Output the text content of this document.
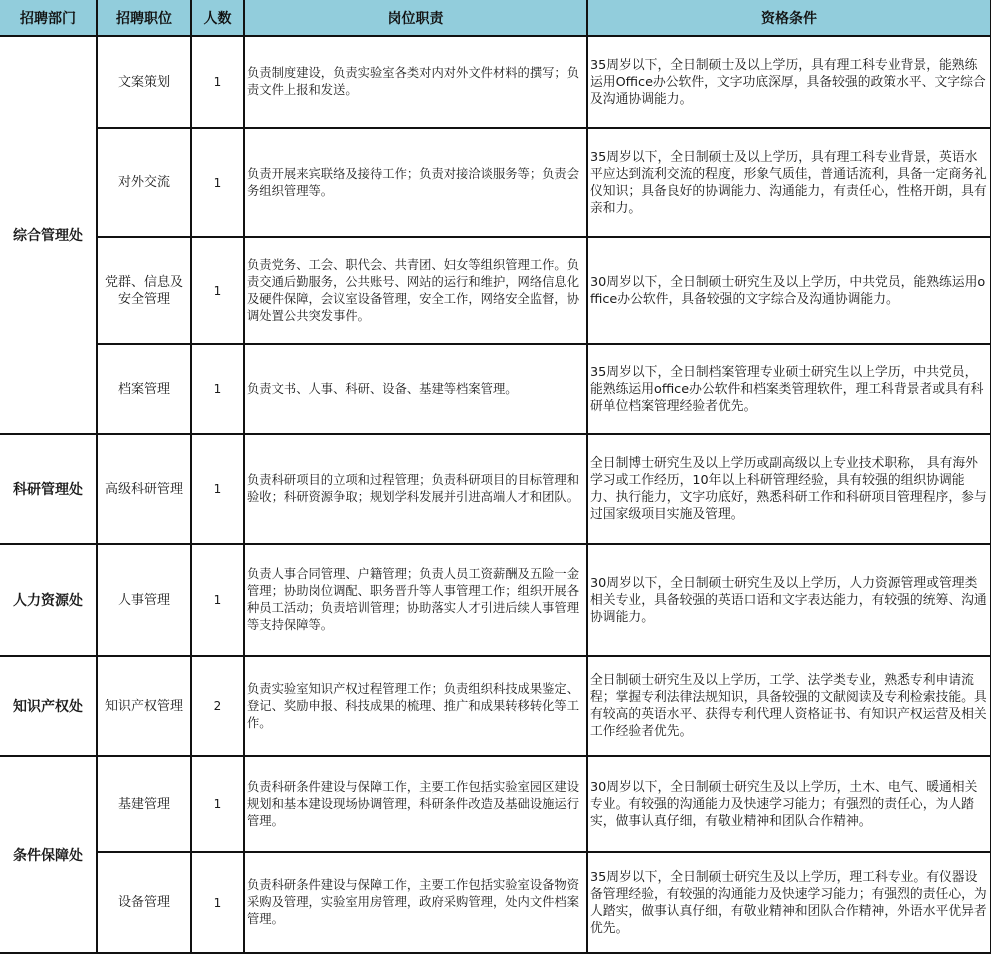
招聘部门	招聘职位	人数	岗位职责	资格条件
综合管理处	文案策划	1	负责制度建设，负责实验室各类对内对外文件材料的撰写；负责文件上报和发送。	35周岁以下，全日制硕士及以上学历，具有理工科专业背景，能熟练运用Office办公软件，文字功底深厚，具备较强的政策水平、文字综合及沟通协调能力。
	对外交流	1	负责开展来宾联络及接待工作；负责对接洽谈服务等；负责会务组织管理等。	35周岁以下，全日制硕士及以上学历，具有理工科专业背景，英语水平应达到流利交流的程度，形象气质佳，普通话流利，具备一定商务礼仪知识；具备良好的协调能力、沟通能力，有责任心，性格开朗，具有亲和力。
	党群、信息及安全管理	1	负责党务、工会、职代会、共青团、妇女等组织管理工作。负责交通后勤服务，公共账号、网站的运行和维护，网络信息化及硬件保障，会议室设备管理，安全工作，网络安全监督，协调处置公共突发事件。	30周岁以下，全日制硕士研究生及以上学历，中共党员，能熟练运用office办公软件，具备较强的文字综合及沟通协调能力。
	档案管理	1	负责文书、人事、科研、设备、基建等档案管理。	35周岁以下，全日制档案管理专业硕士研究生以上学历，中共党员，能熟练运用office办公软件和档案类管理软件，理工科背景者或具有科研单位档案管理经验者优先。
科研管理处	高级科研管理	1	负责科研项目的立项和过程管理；负责科研项目的目标管理和验收；科研资源争取；规划学科发展并引进高端人才和团队。	全日制博士研究生及以上学历或副高级以上专业技术职称， 具有海外学习或工作经历，10年以上科研管理经验，具有较强的组织协调能力、执行能力，文字功底好，熟悉科研工作和科研项目管理程序，参与过国家级项目实施及管理。
人力资源处	人事管理	1	负责人事合同管理、户籍管理；负责人员工资薪酬及五险一金管理；协助岗位调配、职务晋升等人事管理工作；组织开展各种员工活动；负责培训管理；协助落实人才引进后续人事管理等支持保障等。	30周岁以下，全日制硕士研究生及以上学历，人力资源管理或管理类相关专业，具备较强的英语口语和文字表达能力，有较强的统筹、沟通协调能力。
知识产权处	知识产权管理	2	负责实验室知识产权过程管理工作；负责组织科技成果鉴定、登记、奖励申报、科技成果的梳理、推广和成果转移转化等工作。	全日制硕士研究生及以上学历，工学、法学类专业，熟悉专利申请流程；掌握专利法律法规知识，具备较强的文献阅读及专利检索技能。具有较高的英语水平、获得专利代理人资格证书、有知识产权运营及相关工作经验者优先。
条件保障处	基建管理	1	负责科研条件建设与保障工作，主要工作包括实验室园区建设规划和基本建设现场协调管理，科研条件改造及基础设施运行管理。	30周岁以下，全日制硕士研究生及以上学历，土木、电气、暖通相关专业。有较强的沟通能力及快速学习能力；有强烈的责任心，为人踏实，做事认真仔细，有敬业精神和团队合作精神。
	设备管理	1	负责科研条件建设与保障工作，主要工作包括实验室设备物资采购及管理，实验室用房管理，政府采购管理，处内文件档案管理。	35周岁以下，全日制硕士研究生及以上学历，理工科专业。有仪器设备管理经验，有较强的沟通能力及快速学习能力；有强烈的责任心，为人踏实，做事认真仔细，有敬业精神和团队合作精神，外语水平优异者优先。
